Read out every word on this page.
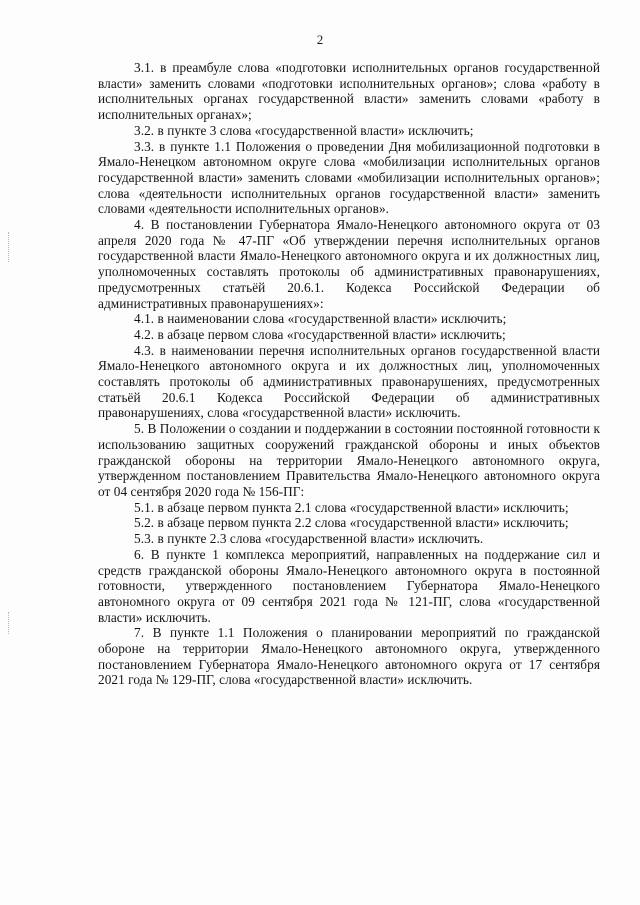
2

3.1. в преамбуле слова «подготовки исполнительных органов государственной власти» заменить словами «подготовки исполнительных органов»; слова «работу в исполнительных органах государственной власти» заменить словами «работу в исполнительных органах»;

3.2. в пункте 3 слова «государственной власти» исключить;

3.3. в пункте 1.1 Положения о проведении Дня мобилизационной подготовки в Ямало-Ненецком автономном округе слова «мобилизации исполнительных органов государственной власти» заменить словами «мобилизации исполнительных органов»; слова «деятельности исполнительных органов государственной власти» заменить словами «деятельности исполнительных органов».

4. В постановлении Губернатора Ямало-Ненецкого автономного округа от 03 апреля 2020 года № 47-ПГ «Об утверждении перечня исполнительных органов государственной власти Ямало-Ненецкого автономного округа и их должностных лиц, уполномоченных составлять протоколы об административных правонарушениях, предусмотренных статьёй 20.6.1. Кодекса Российской Федерации об административных правонарушениях»:

4.1. в наименовании слова «государственной власти» исключить;

4.2. в абзаце первом слова «государственной власти» исключить;

4.3. в наименовании перечня исполнительных органов государственной власти Ямало-Ненецкого автономного округа и их должностных лиц, уполномоченных составлять протоколы об административных правонарушениях, предусмотренных статьёй 20.6.1 Кодекса Российской Федерации об административных правонарушениях, слова «государственной власти» исключить.

5. В Положении о создании и поддержании в состоянии постоянной готовности к использованию защитных сооружений гражданской обороны и иных объектов гражданской обороны на территории Ямало-Ненецкого автономного округа, утвержденном постановлением Правительства Ямало-Ненецкого автономного округа от 04 сентября 2020 года № 156-ПГ:

5.1. в абзаце первом пункта 2.1 слова «государственной власти» исключить;

5.2. в абзаце первом пункта 2.2 слова «государственной власти» исключить;

5.3. в пункте 2.3 слова «государственной власти» исключить.

6. В пункте 1 комплекса мероприятий, направленных на поддержание сил и средств гражданской обороны Ямало-Ненецкого автономного округа в постоянной готовности, утвержденного постановлением Губернатора Ямало-Ненецкого автономного округа от 09 сентября 2021 года № 121-ПГ, слова «государственной власти» исключить.

7. В пункте 1.1 Положения о планировании мероприятий по гражданской обороне на территории Ямало-Ненецкого автономного округа, утвержденного постановлением Губернатора Ямало-Ненецкого автономного округа от 17 сентября 2021 года № 129-ПГ, слова «государственной власти» исключить.
